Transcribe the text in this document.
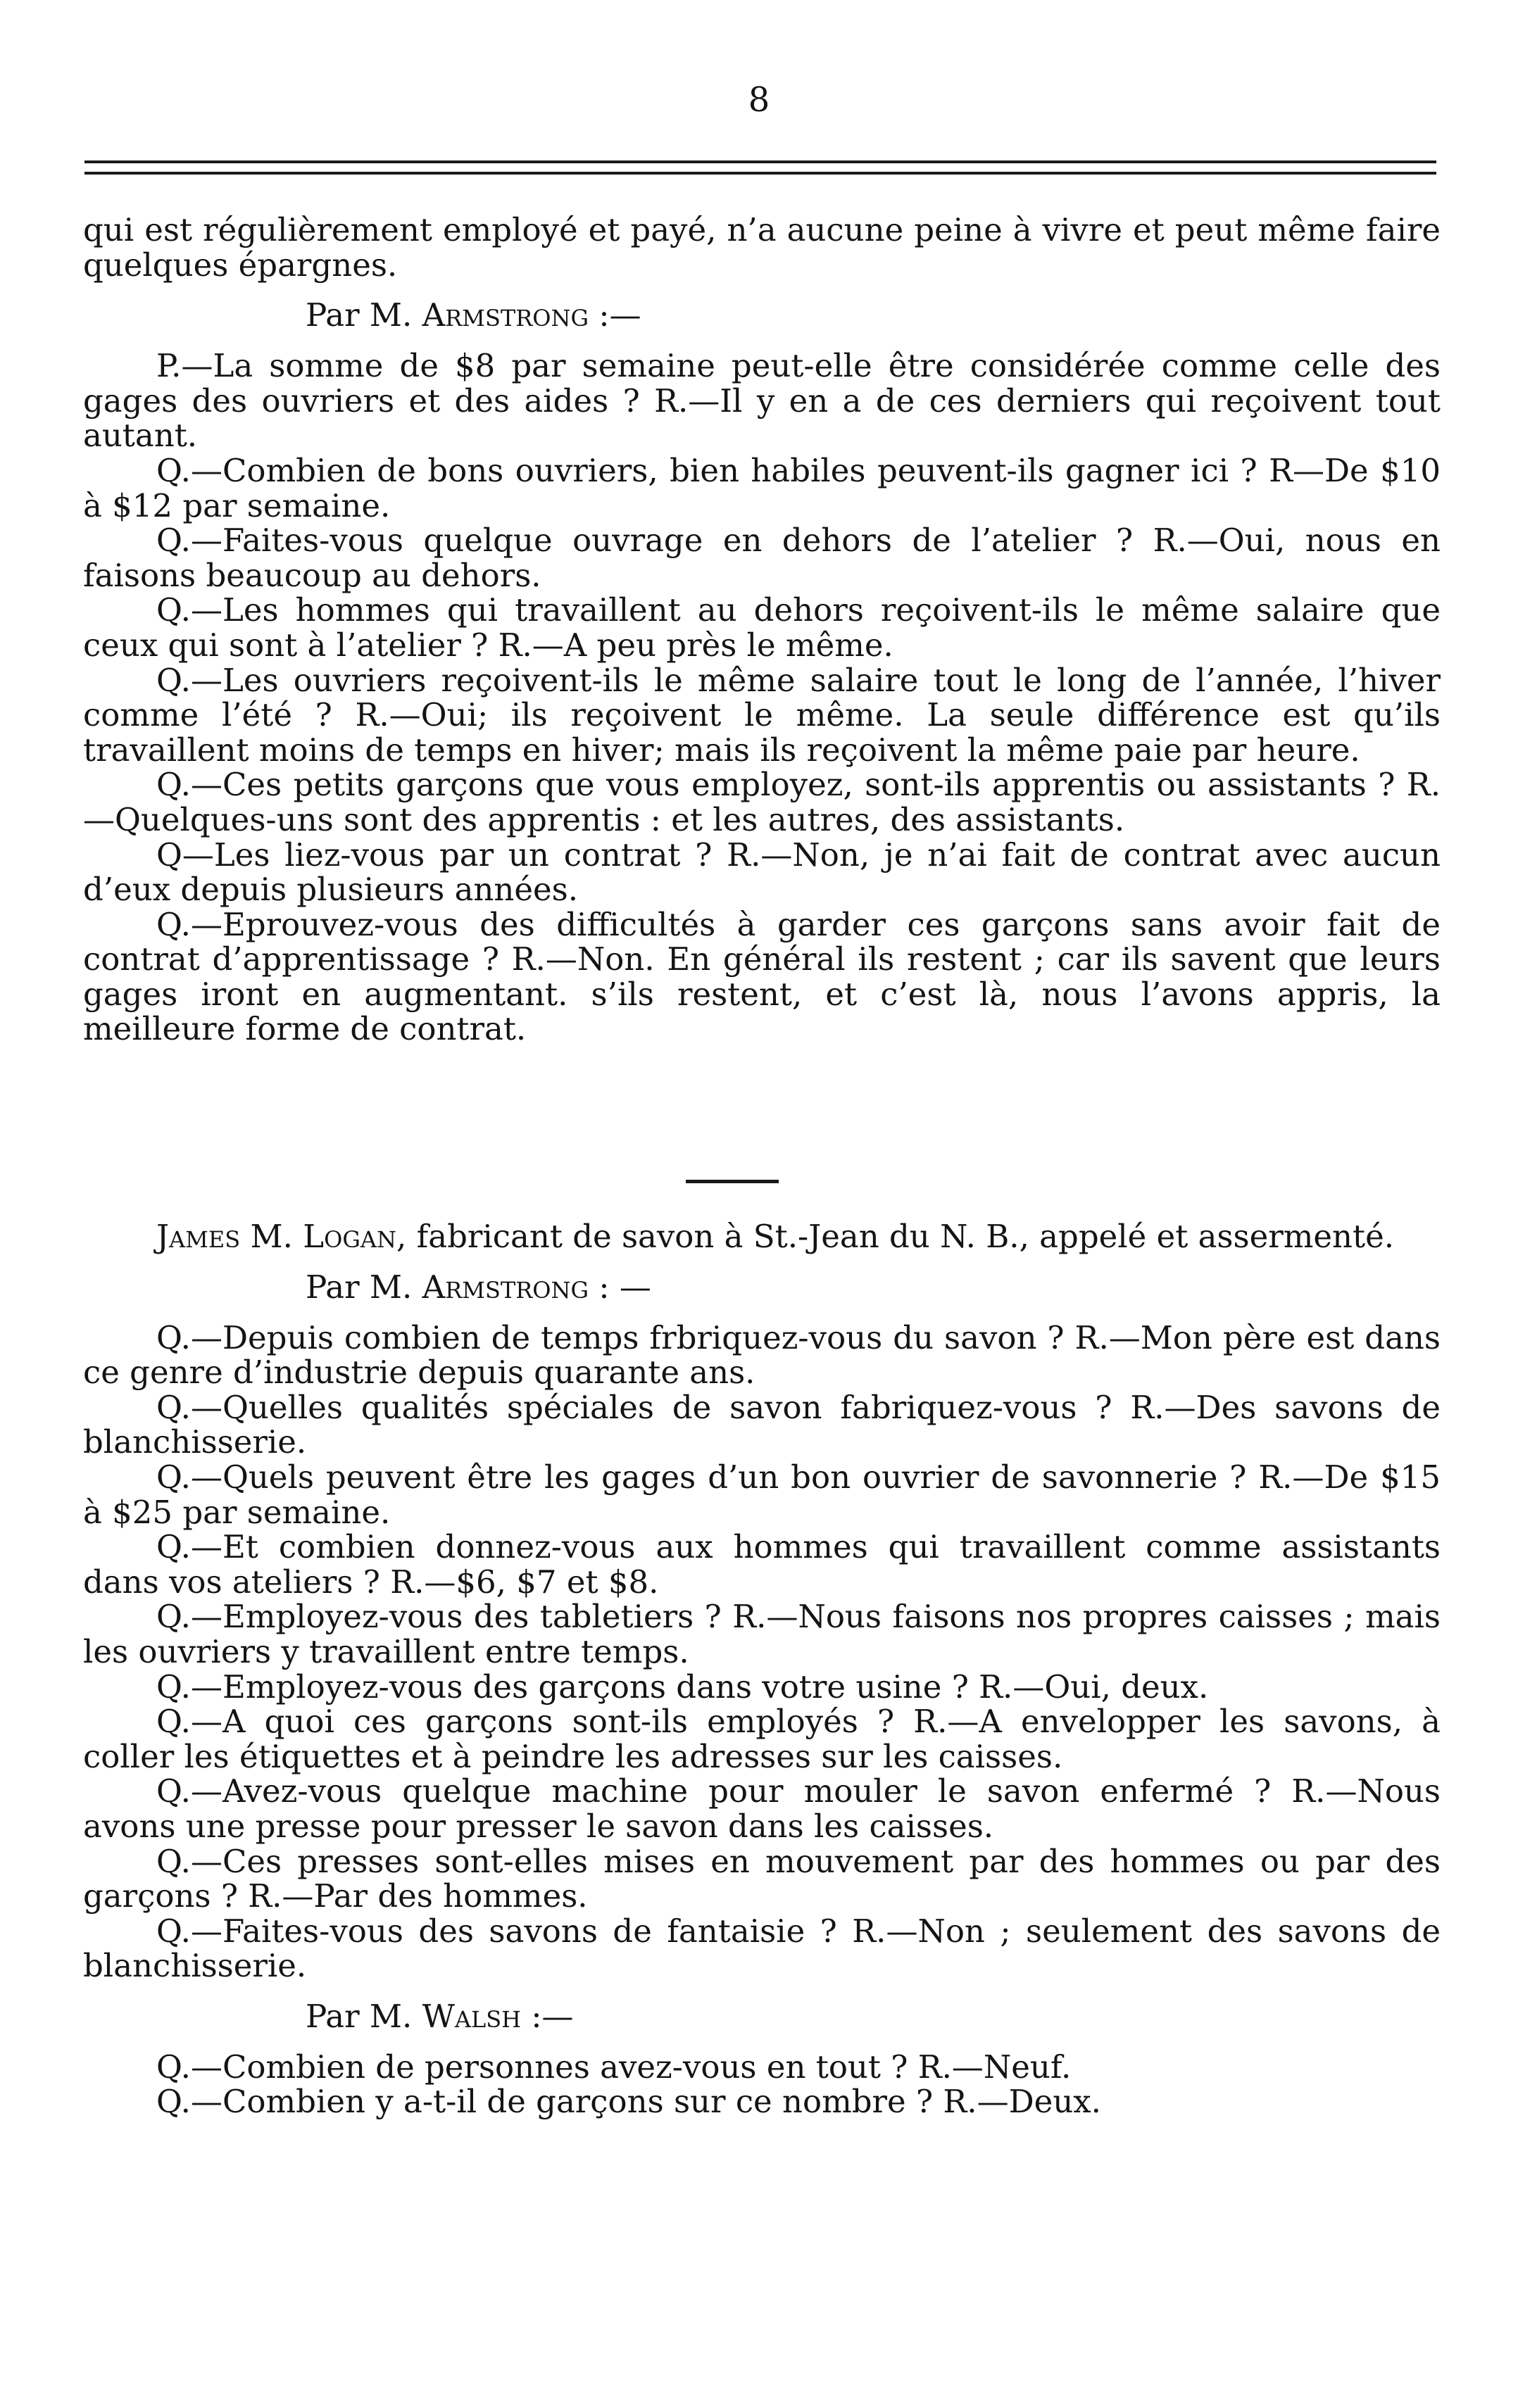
8

qui est régulièrement employé et payé, n’a aucune peine à vivre et peut même faire quelques épargnes.

Par M. Armstrong :—

P.—La somme de $8 par semaine peut-elle être considérée comme celle des gages des ouvriers et des aides ? R.—Il y en a de ces derniers qui reçoivent tout autant.

Q.—Combien de bons ouvriers, bien habiles peuvent-ils gagner ici ? R—De $10 à $12 par semaine.

Q.—Faites-vous quelque ouvrage en dehors de l’atelier ? R.—Oui, nous en faisons beaucoup au dehors.

Q.—Les hommes qui travaillent au dehors reçoivent-ils le même salaire que ceux qui sont à l’atelier ? R.—A peu près le même.

Q.—Les ouvriers reçoivent-ils le même salaire tout le long de l’année, l’hiver comme l’été ? R.—Oui; ils reçoivent le même. La seule différence est qu’ils travaillent moins de temps en hiver; mais ils reçoivent la même paie par heure.

Q.—Ces petits garçons que vous employez, sont-ils apprentis ou assistants ? R.—Quelques-uns sont des apprentis : et les autres, des assistants.

Q—Les liez-vous par un contrat ? R.—Non, je n’ai fait de contrat avec aucun d’eux depuis plusieurs années.

Q.—Eprouvez-vous des difficultés à garder ces garçons sans avoir fait de contrat d’apprentissage ? R.—Non. En général ils restent ; car ils savent que leurs gages iront en augmentant. s’ils restent, et c’est là, nous l’avons appris, la meilleure forme de contrat.

James M. Logan, fabricant de savon à St.-Jean du N. B., appelé et assermenté.

Par M. Armstrong : —

Q.—Depuis combien de temps frbriquez-vous du savon ? R.—Mon père est dans ce genre d’industrie depuis quarante ans.

Q.—Quelles qualités spéciales de savon fabriquez-vous ? R.—Des savons de blanchisserie.

Q.—Quels peuvent être les gages d’un bon ouvrier de savonnerie ? R.—De $15 à $25 par semaine.

Q.—Et combien donnez-vous aux hommes qui travaillent comme assistants dans vos ateliers ? R.—$6, $7 et $8.

Q.—Employez-vous des tabletiers ? R.—Nous faisons nos propres caisses ; mais les ouvriers y travaillent entre temps.

Q.—Employez-vous des garçons dans votre usine ? R.—Oui, deux.

Q.—A quoi ces garçons sont-ils employés ? R.—A envelopper les savons, à coller les étiquettes et à peindre les adresses sur les caisses.

Q.—Avez-vous quelque machine pour mouler le savon enfermé ? R.—Nous avons une presse pour presser le savon dans les caisses.

Q.—Ces presses sont-elles mises en mouvement par des hommes ou par des garçons ? R.—Par des hommes.

Q.—Faites-vous des savons de fantaisie ? R.—Non ; seulement des savons de blanchisserie.

Par M. Walsh :—

Q.—Combien de personnes avez-vous en tout ? R.—Neuf.

Q.—Combien y a-t-il de garçons sur ce nombre ? R.—Deux.
